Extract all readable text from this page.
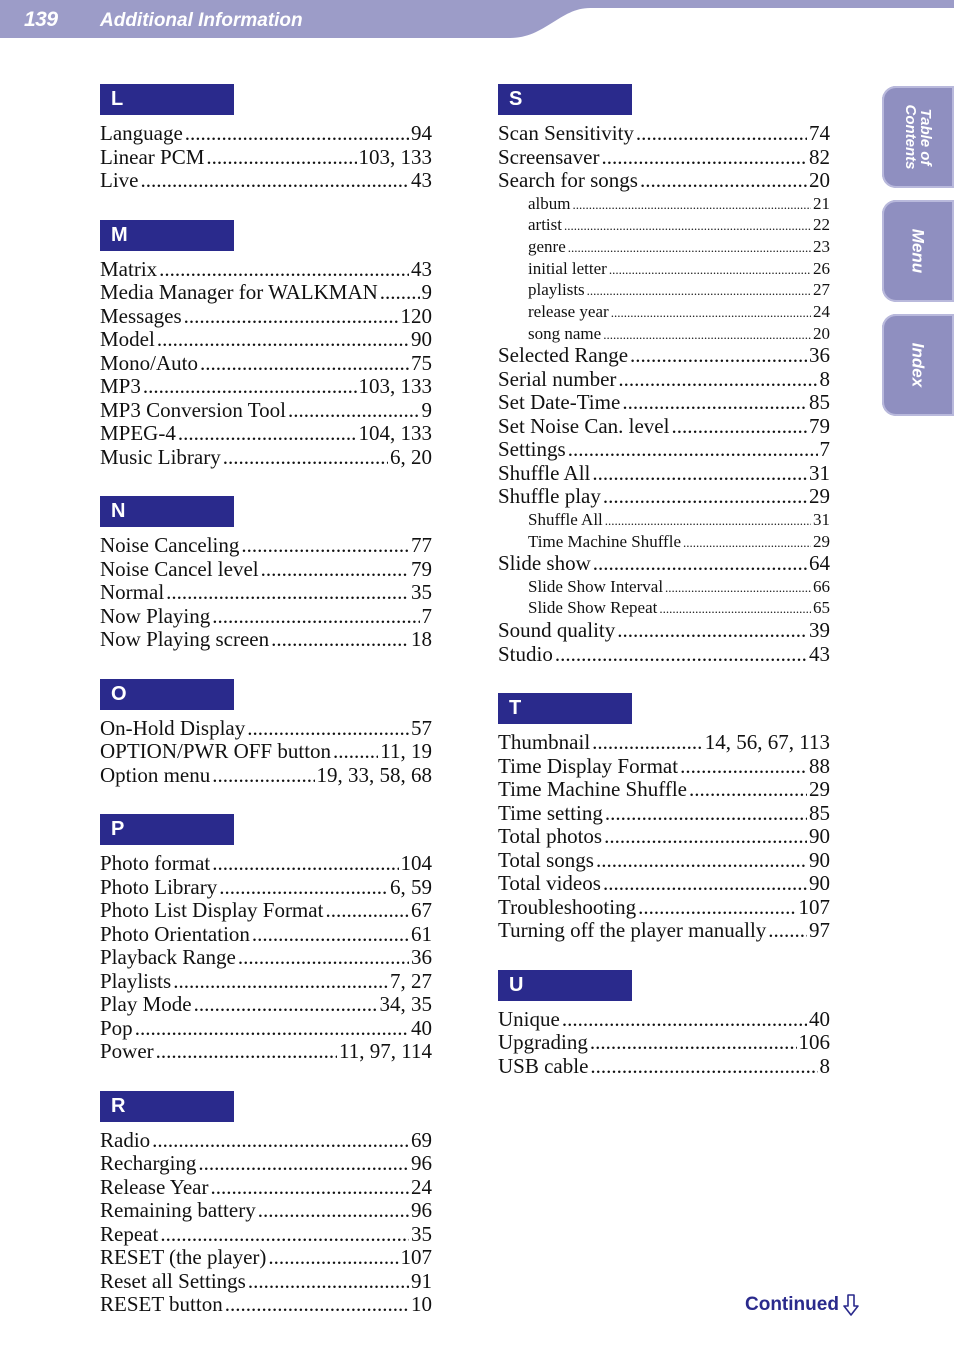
139 Additional Information
L
Language .....	94
Linear PCM .....	103, 133
Live .....	43
M
Matrix .....	43
Media Manager for WALKMAN ..... 9
Messages .....	120
Model .....	90
Mono/Auto .....	75
MP3 .....	103, 133
MP3 Conversion Tool .....	9
MPEG-4 .....	104, 133
Music Library .....	6, 20
N
Noise Canceling .....	77
Noise Cancel level .....	79
Normal .....	35
Now Playing .....	7
Now Playing screen .....	18
O
On-Hold Display .....	57
OPTION/PWR OFF button ..... 11, 19
Option menu .....	19, 33, 58, 68
P
Photo format .....	104
Photo Library .....	6, 59
Photo List Display Format .....	67
Photo Orientation .....	61
Playback Range .....	36
Playlists .....	7, 27
Play Mode .....	34, 35
Pop .....	40
Power .....	11, 97, 114
R
Radio .....	69
Recharging .....	96
Release Year .....	24
Remaining battery .....	96
Repeat .....	35
RESET (the player) .....	107
Reset all Settings .....	91
RESET button .....	10
S
Scan Sensitivity .....	74
Screensaver .....	82
Search for songs .....	20
album .....	21
artist .....	22
genre .....	23
initial letter .....	26
playlists .....	27
release year .....	24
song name .....	20
Selected Range .....	36
Serial number .....	8
Set Date-Time .....	85
Set Noise Can. level .....	79
Settings .....	7
Shuffle All .....	31
Shuffle play .....	29
Shuffle All .....	31
Time Machine Shuffle .....	29
Slide show .....	64
Slide Show Interval .....	66
Slide Show Repeat .....	65
Sound quality .....	39
Studio .....	43
T
Thumbnail .....	14, 56, 67, 113
Time Display Format .....	88
Time Machine Shuffle .....	29
Time setting .....	85
Total photos .....	90
Total songs .....	90
Total videos .....	90
Troubleshooting .....	107
Turning off the player manually ..... 97
U
Unique .....	40
Upgrading .....	106
USB cable .....	8
Table of Contents
Menu
Index
Continued
